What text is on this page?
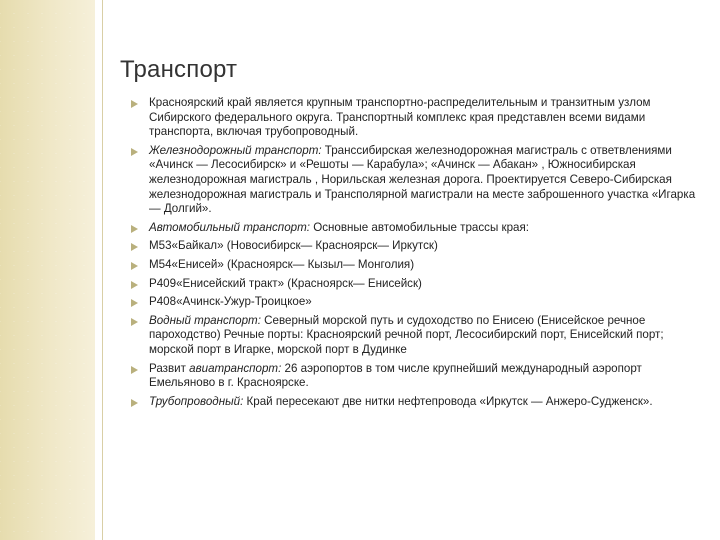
Транспорт
Красноярский край является крупным транспортно-распределительным и транзитным узлом Сибирского федерального округа. Транспортный комплекс края представлен всеми видами транспорта, включая трубопроводный.
Железнодорожный транспорт: Транссибирская железнодорожная магистраль с ответвлениями «Ачинск — Лесосибирск» и «Решоты — Карабула»; «Ачинск — Абакан» , Южносибирская железнодорожная магистраль , Норильская железная дорога. Проектируется Северо-Сибирская железнодорожная магистраль и Трансполярной магистрали на месте заброшенного участка «Игарка— Долгий».
Автомобильный транспорт: Основные автомобильные трассы края:
М53«Байкал» (Новосибирск— Красноярск— Иркутск)
М54«Енисей» (Красноярск— Кызыл— Монголия)
Р409«Енисейский тракт» (Красноярск— Енисейск)
Р408«Ачинск-Ужур-Троицкое»
Водный транспорт: Северный морской путь и судоходство по Енисею (Енисейское речное пароходство) Речные порты: Красноярский речной порт, Лесосибирский порт, Енисейский порт; морской порт в Игарке, морской порт в Дудинке
Развит авиатранспорт: 26 аэропортов в том числе крупнейший международный аэропорт Емельяново в г. Красноярске.
Трубопроводный: Край пересекают две нитки нефтепровода «Иркутск — Анжеро-Судженск».
